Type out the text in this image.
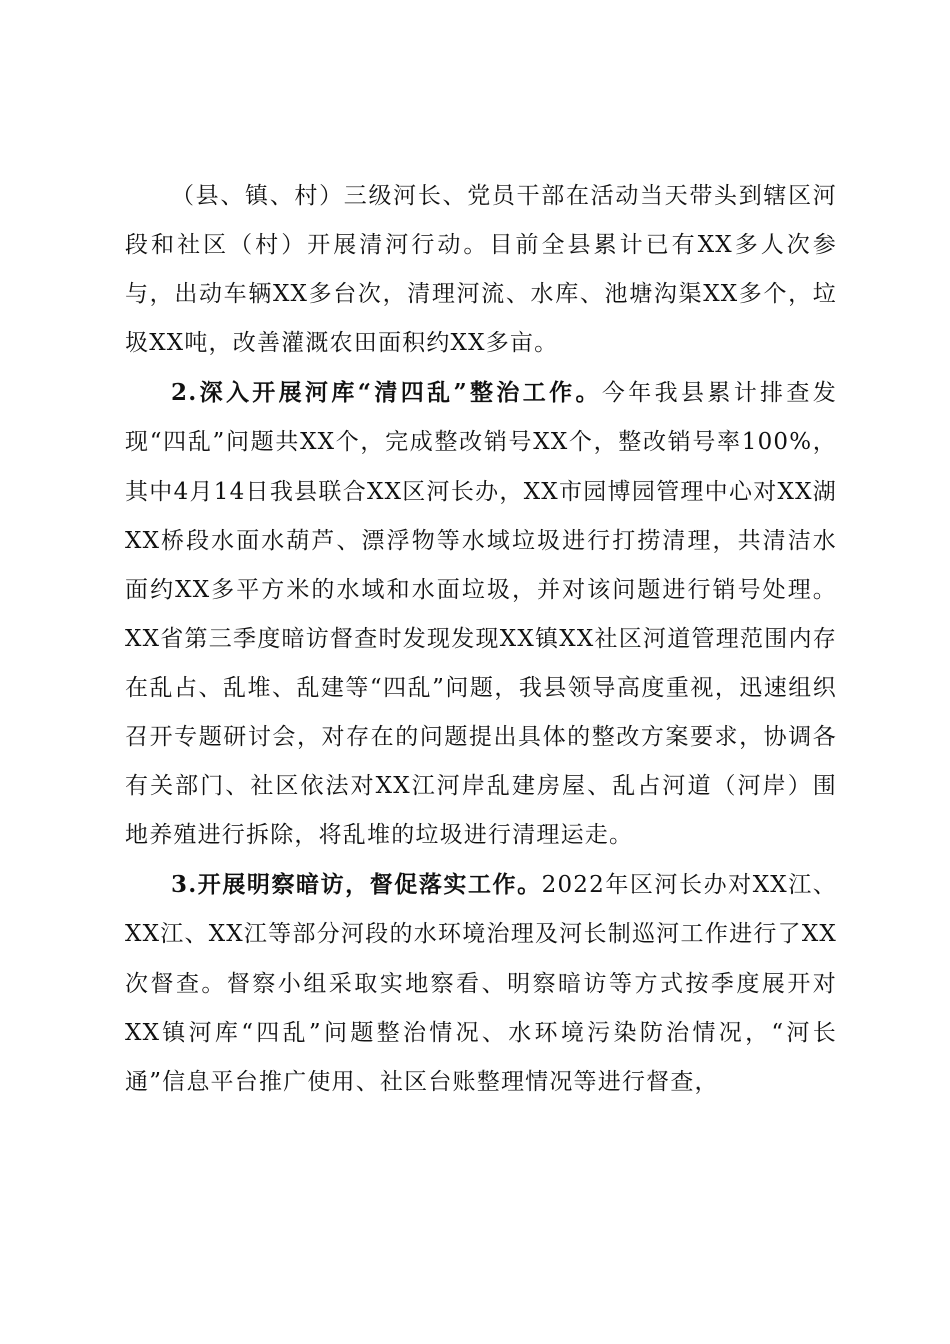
（县、镇、村）三级河长、党员干部在活动当天带头到辖区河段和社区（村）开展清河行动。目前全县累计已有XX多人次参与，出动车辆XX多台次，清理河流、水库、池塘沟渠XX多个，垃圾XX吨，改善灌溉农田面积约XX多亩。

2.深入开展河库“清四乱”整治工作。今年我县累计排查发现“四乱”问题共XX个，完成整改销号XX个，整改销号率100%，其中4月14日我县联合XX区河长办，XX市园博园管理中心对XX湖XX桥段水面水葫芦、漂浮物等水域垃圾进行打捞清理，共清洁水面约XX多平方米的水域和水面垃圾，并对该问题进行销号处理。XX省第三季度暗访督查时发现发现XX镇XX社区河道管理范围内存在乱占、乱堆、乱建等“四乱”问题，我县领导高度重视，迅速组织召开专题研讨会，对存在的问题提出具体的整改方案要求，协调各有关部门、社区依法对XX江河岸乱建房屋、乱占河道（河岸）围地养殖进行拆除，将乱堆的垃圾进行清理运走。

3.开展明察暗访，督促落实工作。2022年区河长办对XX江、XX江、XX江等部分河段的水环境治理及河长制巡河工作进行了XX次督查。督察小组采取实地察看、明察暗访等方式按季度展开对XX镇河库“四乱”问题整治情况、水环境污染防治情况，“河长通”信息平台推广使用、社区台账整理情况等进行督查，
